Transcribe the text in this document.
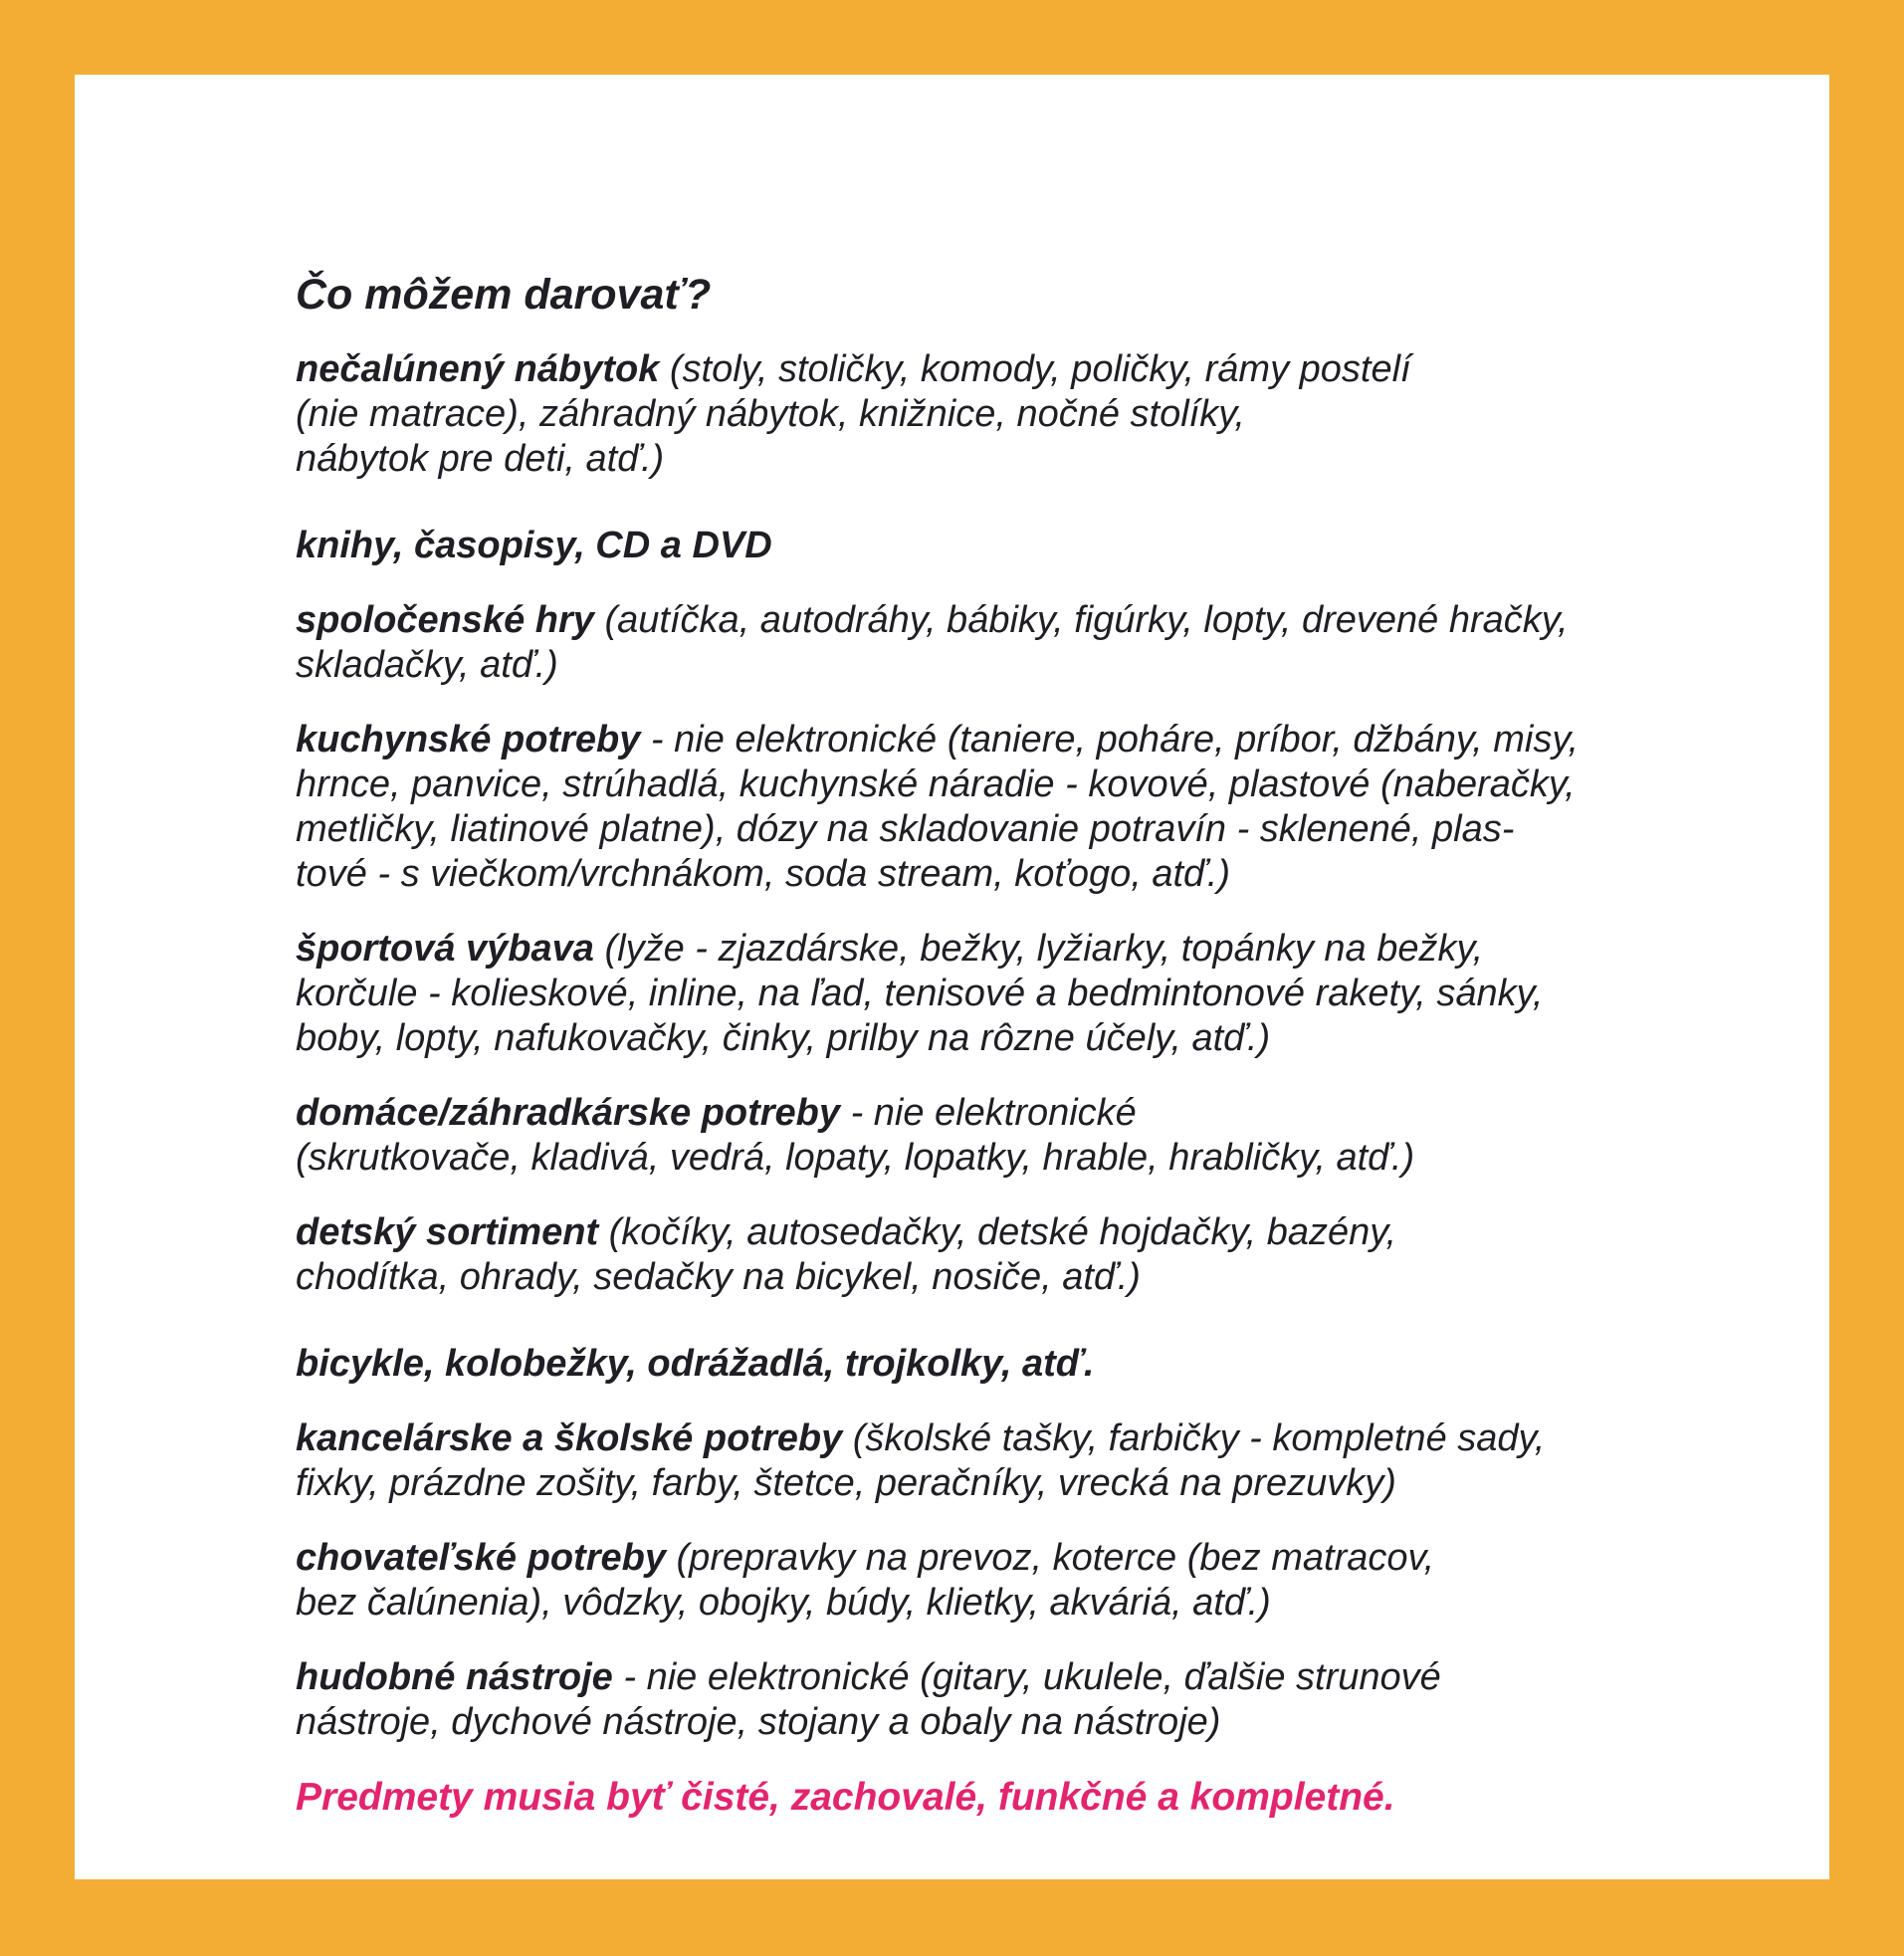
Čo môžem darovať?
nečalúnený nábytok (stoly, stoličky, komody, poličky, rámy postelí
(nie matrace), záhradný nábytok, knižnice, nočné stolíky,
nábytok pre deti, atď.)
knihy, časopisy, CD a DVD
spoločenské hry (autíčka, autodráhy, bábiky, figúrky, lopty, drevené hračky,
skladačky, atď.)
kuchynské potreby - nie elektronické (taniere, poháre, príbor, džbány, misy,
hrnce, panvice, strúhadlá, kuchynské náradie - kovové, plastové (naberačky,
metličky, liatinové platne), dózy na skladovanie potravín - sklenené, plas-
tové - s viečkom/vrchnákom, soda stream, koťogo, atď.)
športová výbava (lyže - zjazdárske, bežky, lyžiarky, topánky na bežky,
korčule - kolieskové, inline, na ľad, tenisové a bedmintonové rakety, sánky,
boby, lopty, nafukovačky, činky, prilby na rôzne účely, atď.)
domáce/záhradkárske potreby - nie elektronické
(skrutkovače, kladivá, vedrá, lopaty, lopatky, hrable, hrabličky, atď.)
detský sortiment (kočíky, autosedačky, detské hojdačky, bazény,
chodítka, ohrady, sedačky na bicykel, nosiče, atď.)
bicykle, kolobežky, odrážadlá, trojkolky, atď.
kancelárske a školské potreby (školské tašky, farbičky - kompletné sady,
fixky, prázdne zošity, farby, štetce, peračníky, vrecká na prezuvky)
chovateľské potreby (prepravky na prevoz, koterce (bez matracov,
bez čalúnenia), vôdzky, obojky, búdy, klietky, akváriá, atď.)
hudobné nástroje - nie elektronické (gitary, ukulele, ďalšie strunové
nástroje, dychové nástroje, stojany a obaly na nástroje)
Predmety musia byť čisté, zachovalé, funkčné a kompletné.
